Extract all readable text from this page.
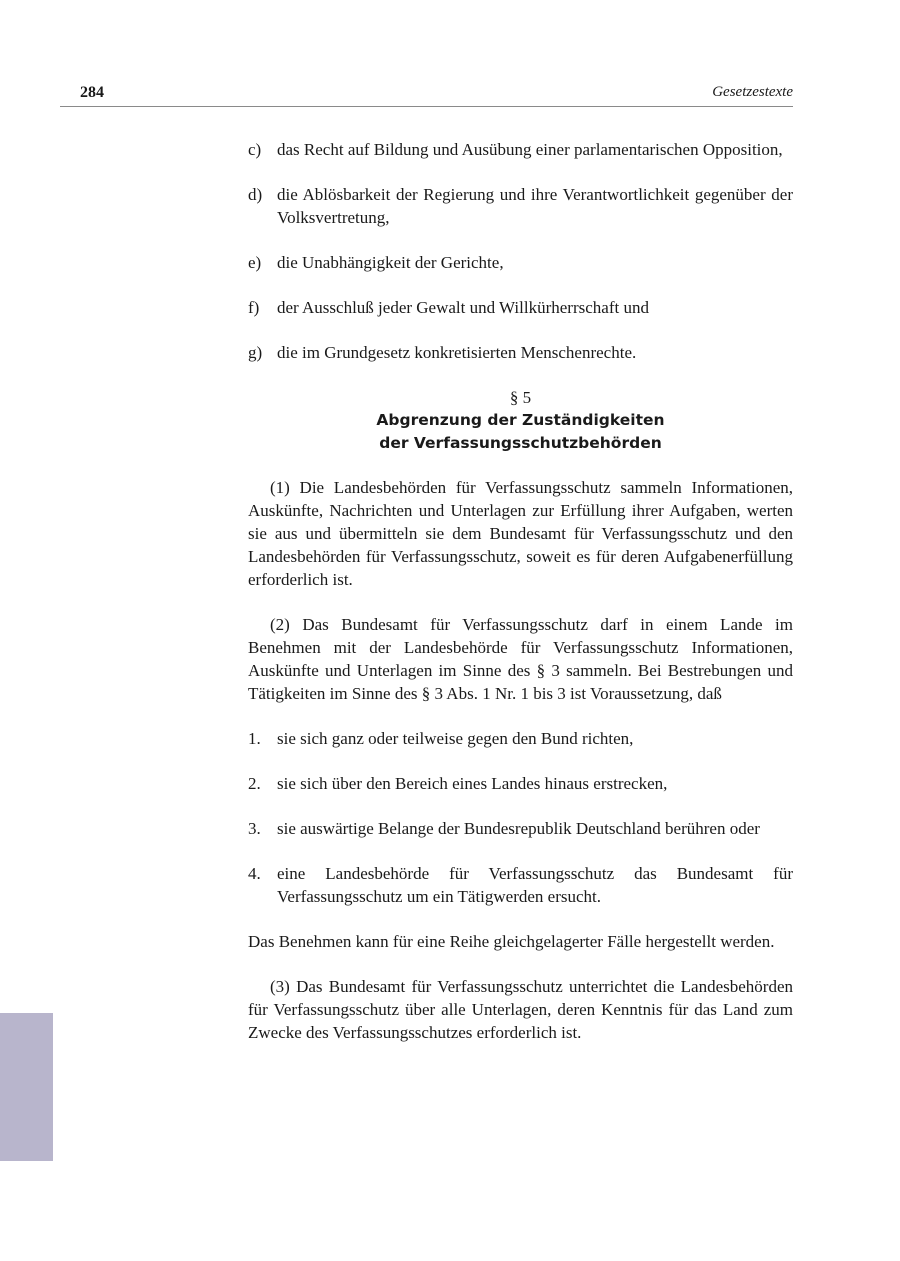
284	Gesetzestexte
c) das Recht auf Bildung und Ausübung einer parlamentarischen Opposition,
d) die Ablösbarkeit der Regierung und ihre Verantwortlichkeit gegenüber der Volksvertretung,
e) die Unabhängigkeit der Gerichte,
f) der Ausschluß jeder Gewalt und Willkürherrschaft und
g) die im Grundgesetz konkretisierten Menschenrechte.
§ 5
Abgrenzung der Zuständigkeiten
der Verfassungsschutzbehörden

(1) Die Landesbehörden für Verfassungsschutz sammeln Informationen, Auskünfte, Nachrichten und Unterlagen zur Erfüllung ihrer Aufgaben, werten sie aus und übermitteln sie dem Bundesamt für Verfassungsschutz und den Landesbehörden für Verfassungsschutz, soweit es für deren Aufgabenerfüllung erforderlich ist.

(2) Das Bundesamt für Verfassungsschutz darf in einem Lande im Benehmen mit der Landesbehörde für Verfassungsschutz Informationen, Auskünfte und Unterlagen im Sinne des § 3 sammeln. Bei Bestrebungen und Tätigkeiten im Sinne des § 3 Abs. 1 Nr. 1 bis 3 ist Voraussetzung, daß

1. sie sich ganz oder teilweise gegen den Bund richten,
2. sie sich über den Bereich eines Landes hinaus erstrecken,
3. sie auswärtige Belange der Bundesrepublik Deutschland berühren oder
4. eine Landesbehörde für Verfassungsschutz das Bundesamt für Verfassungsschutz um ein Tätigwerden ersucht.

Das Benehmen kann für eine Reihe gleichgelagerter Fälle hergestellt werden.

(3) Das Bundesamt für Verfassungsschutz unterrichtet die Landesbehörden für Verfassungsschutz über alle Unterlagen, deren Kenntnis für das Land zum Zwecke des Verfassungsschutzes erforderlich ist.
